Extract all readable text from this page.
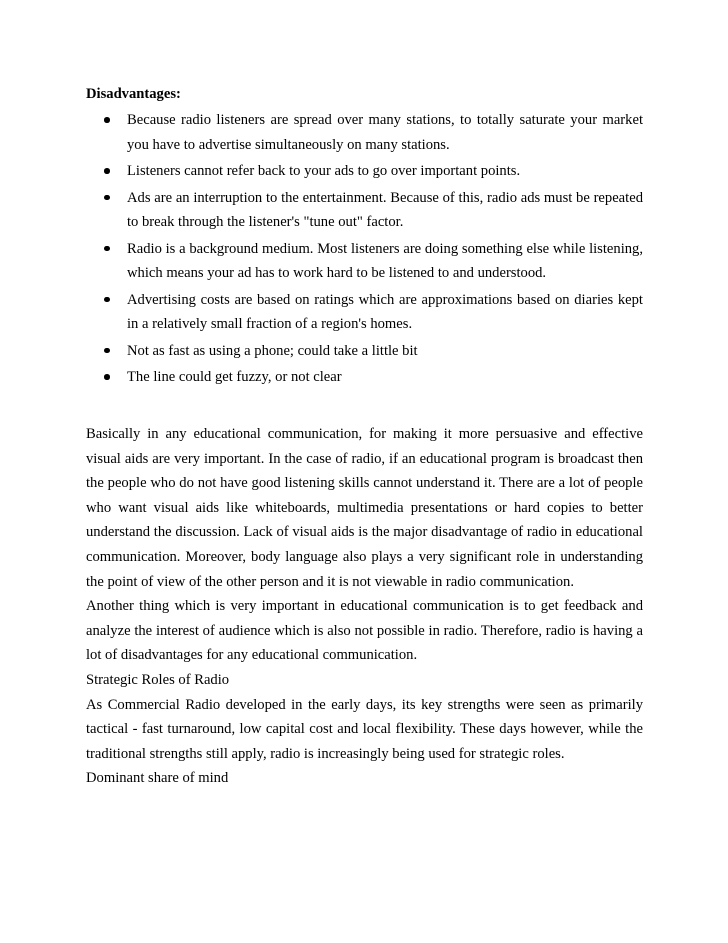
Disadvantages:

Because radio listeners are spread over many stations, to totally saturate your market you have to advertise simultaneously on many stations.
Listeners cannot refer back to your ads to go over important points.
Ads are an interruption to the entertainment. Because of this, radio ads must be repeated to break through the listener's "tune out" factor.
Radio is a background medium. Most listeners are doing something else while listening, which means your ad has to work hard to be listened to and understood.
Advertising costs are based on ratings which are approximations based on diaries kept in a relatively small fraction of a region's homes.
Not as fast as using a phone; could take a little bit
The line could get fuzzy, or not clear

Basically in any educational communication, for making it more persuasive and effective visual aids are very important. In the case of radio, if an educational program is broadcast then the people who do not have good listening skills cannot understand it. There are a lot of people who want visual aids like whiteboards, multimedia presentations or hard copies to better understand the discussion. Lack of visual aids is the major disadvantage of radio in educational communication. Moreover, body language also plays a very significant role in understanding the point of view of the other person and it is not viewable in radio communication.

Another thing which is very important in educational communication is to get feedback and analyze the interest of audience which is also not possible in radio. Therefore, radio is having a lot of disadvantages for any educational communication.

Strategic Roles of Radio

As Commercial Radio developed in the early days, its key strengths were seen as primarily tactical - fast turnaround, low capital cost and local flexibility. These days however, while the traditional strengths still apply, radio is increasingly being used for strategic roles.

Dominant share of mind
